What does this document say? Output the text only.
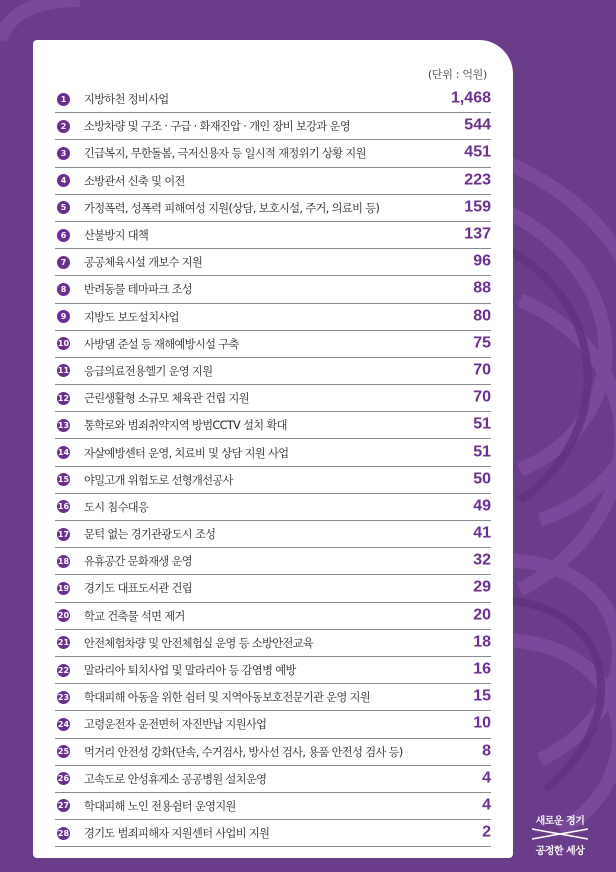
(단위 : 억원)
1	지방하천 정비사업	1,468
2	소방차량 및 구조 · 구급 · 화재진압 · 개인 장비 보강과 운영	544
3	긴급복지, 무한돌봄, 극저신용자 등 일시적 재정위기 상황 지원	451
4	소방관서 신축 및 이전	223
5	가정폭력, 성폭력 피해여성 지원(상담, 보호시설, 주거, 의료비 등)	159
6	산불방지 대책	137
7	공공체육시설 개보수 지원	96
8	반려동물 테마파크 조성	88
9	지방도 보도설치사업	80
10 사방댐 준설 등 재해예방시설 구축	75
11 응급의료전용헬기 운영 지원	70
12 근린생활형 소규모 체육관 건립 지원	70
13 통학로와 범죄취약지역 방범CCTV 설치 확대	51
14 자살예방센터 운영, 치료비 및 상담 지원 사업	51
15 야밀고개 위험도로 선형개선공사	50
16 도시 침수대응	49
17 문턱 없는 경기관광도시 조성	41
18 유휴공간 문화재생 운영	32
19 경기도 대표도서관 건립	29
20 학교 건축물 석면 제거	20
21 안전체험차량 및 안전체험실 운영 등 소방안전교육	18
22 말라리아 퇴치사업 및 말라리아 등 감염병 예방	16
23 학대피해 아동을 위한 쉼터 및 지역아동보호전문기관 운영 지원	15
24 고령운전자 운전면허 자진반납 지원사업	10
25 먹거리 안전성 강화(단속, 수거검사, 방사선 검사, 용품 안전성 검사 등)	8
26 고속도로 안성휴게소 공공병원 설치운영	4
27 학대피해 노인 전용쉼터 운영지원	4
28 경기도 범죄피해자 지원센터 사업비 지원	2
새로운 경기
공정한 세상
